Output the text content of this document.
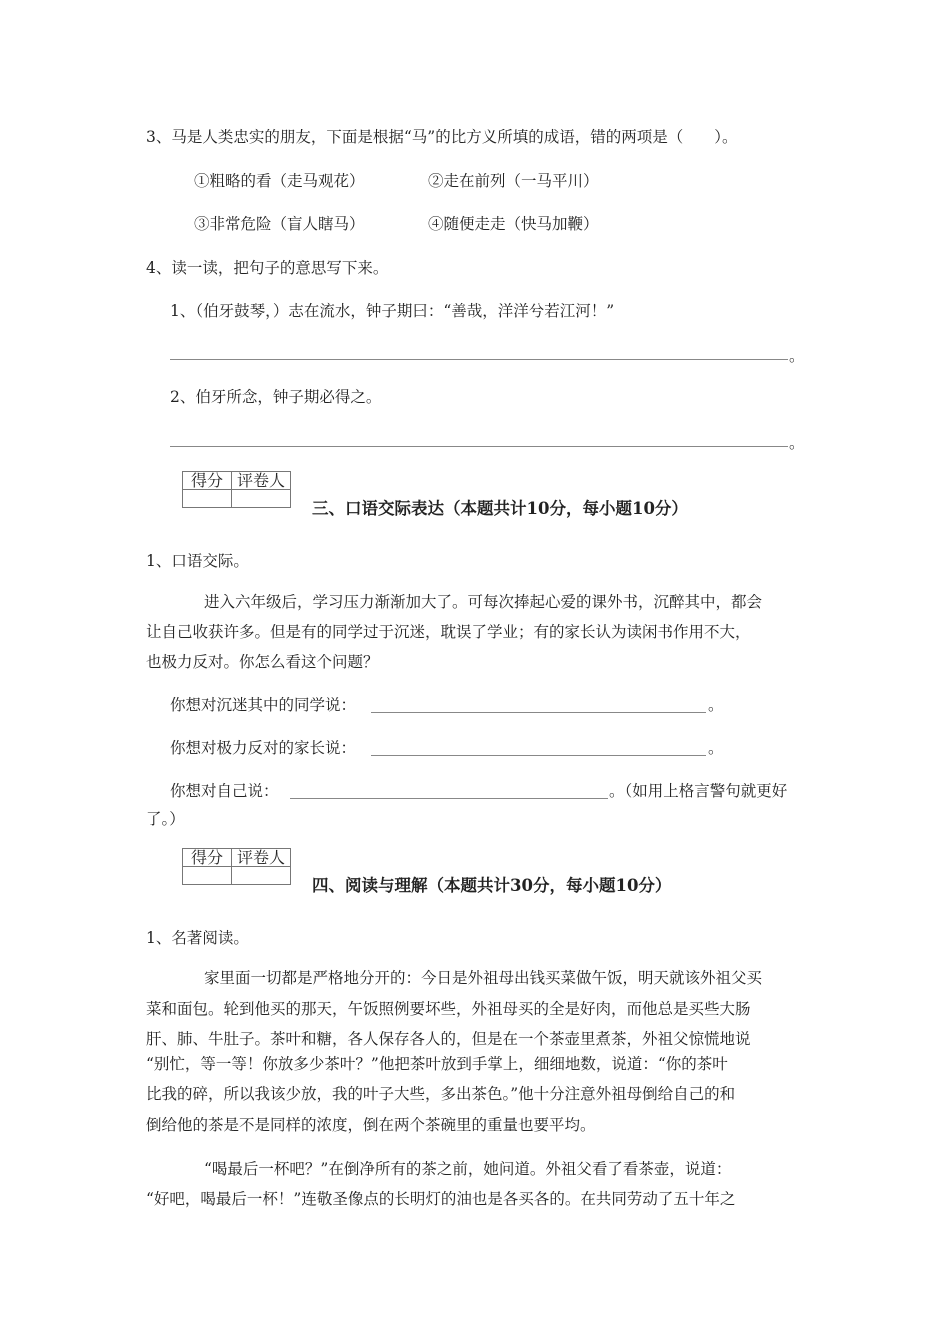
3、马是人类忠实的朋友，下面是根据“马”的比方义所填的成语，错的两项是（　　）。
①粗略的看（走马观花）	②走在前列（一马平川）
③非常危险（盲人瞎马）	④随便走走（快马加鞭）
4、读一读，把句子的意思写下来。
1、（伯牙鼓琴，）志在流水，钟子期曰：“善哉，洋洋兮若江河！”
。
2、伯牙所念，钟子期必得之。
。
得分	评卷人

三、口语交际表达（本题共计10分，每小题10分）
1、口语交际。
进入六年级后，学习压力渐渐加大了。可每次捧起心爱的课外书，沉醉其中，都会
让自己收获许多。但是有的同学过于沉迷，耽误了学业；有的家长认为读闲书作用不大，
也极力反对。你怎么看这个问题？
你想对沉迷其中的同学说：	。
你想对极力反对的家长说：	。
你想对自己说：	。（如用上格言警句就更好
了。）
得分	评卷人

四、阅读与理解（本题共计30分，每小题10分）
1、名著阅读。
家里面一切都是严格地分开的：今日是外祖母出钱买菜做午饭，明天就该外祖父买
菜和面包。轮到他买的那天，午饭照例要坏些，外祖母买的全是好肉，而他总是买些大肠
肝、肺、牛肚子。茶叶和糖，各人保存各人的，但是在一个茶壶里煮茶，外祖父惊慌地说
“别忙，等一等！你放多少茶叶？”他把茶叶放到手掌上，细细地数，说道：“你的茶叶
比我的碎，所以我该少放，我的叶子大些，多出茶色。”他十分注意外祖母倒给自己的和
倒给他的茶是不是同样的浓度，倒在两个茶碗里的重量也要平均。
“喝最后一杯吧？”在倒净所有的茶之前，她问道。外祖父看了看茶壶，说道：
“好吧，喝最后一杯！”连敬圣像点的长明灯的油也是各买各的。在共同劳动了五十年之
